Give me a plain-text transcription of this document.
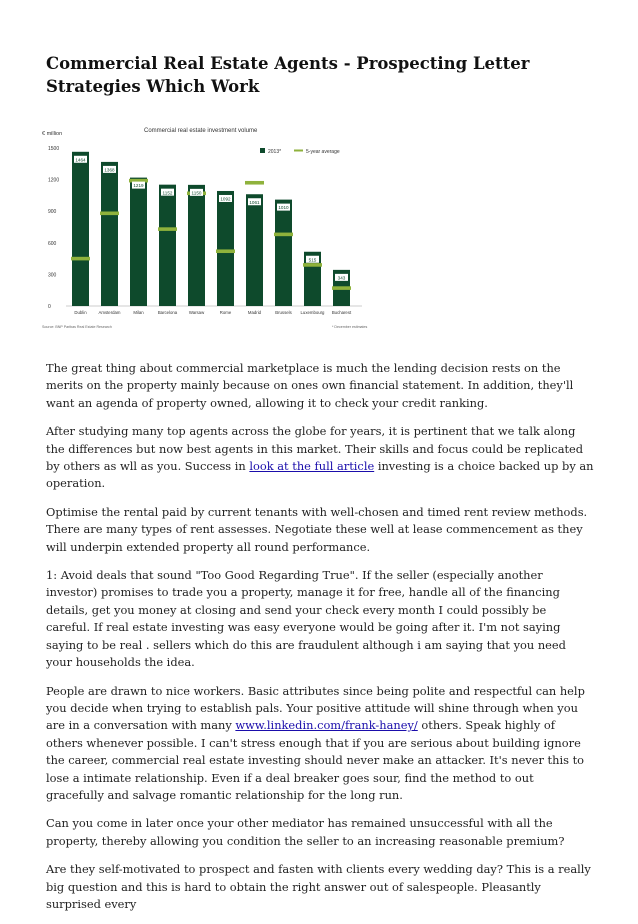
Commercial Real Estate Agents - Prospecting Letter Strategies Which Work
€ million	Commercial real estate investment volume
2013*	5-year average
0
300
600
900
1200
1500
1464
1368
1219
1152	1150
1092
1061
1010
515
343
Dublin	Amsterdam	Milan	Barcelona	Warsaw	Rome	Madrid	Brussels Luxembourg Bucharest
Source: BNP Paribas Real Estate Research	* December estimates

The great thing about commercial marketplace is much the lending decision rests on the merits on the property mainly because on ones own financial statement. In addition, they'll want an agenda of property owned, allowing it to check your credit ranking.

After studying many top agents across the globe for years, it is pertinent that we talk along the differences but now best agents in this market. Their skills and focus could be replicated by others as wll as you. Success in look at the full article investing is a choice backed up by an operation.

Optimise the rental paid by current tenants with well-chosen and timed rent review methods. There are many types of rent assesses. Negotiate these well at lease commencement as they will underpin extended property all round performance.

1: Avoid deals that sound "Too Good Regarding True". If the seller (especially another investor) promises to trade you a property, manage it for free, handle all of the financing details, get you money at closing and send your check every month I could possibly be careful. If real estate investing was easy everyone would be going after it. I'm not saying saying to be real . sellers which do this are fraudulent although i am saying that you need your households the idea.

People are drawn to nice workers. Basic attributes since being polite and respectful can help you decide when trying to establish pals. Your positive attitude will shine through when you are in a conversation with many www.linkedin.com/frank-haney/ others. Speak highly of others whenever possible. I can't stress enough that if you are serious about building ignore the career, commercial real estate investing should never make an attacker. It's never this to lose a intimate relationship. Even if a deal breaker goes sour, find the method to out gracefully and salvage romantic relationship for the long run.

Can you come in later once your other mediator has remained unsuccessful with all the property, thereby allowing you condition the seller to an increasing reasonable premium?

Are they self-motivated to prospect and fasten with clients every wedding day? This is a really big question and this is hard to obtain the right answer out of salespeople. Pleasantly surprised every
